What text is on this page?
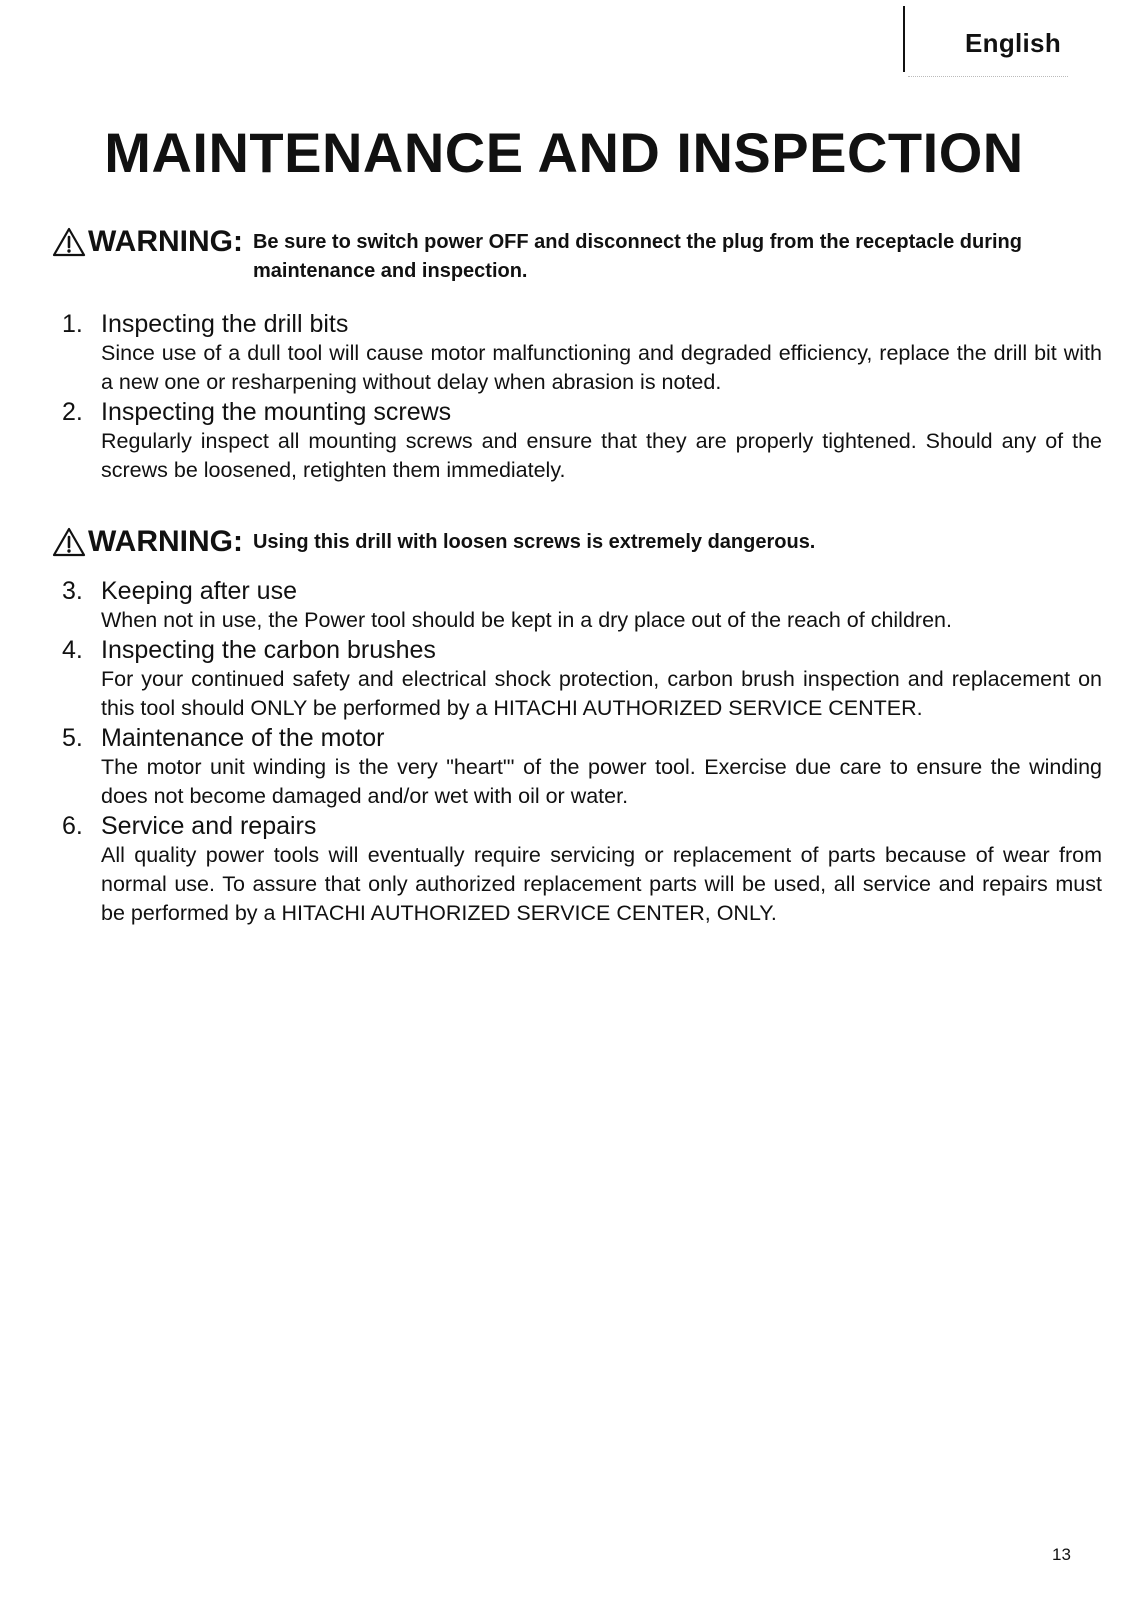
English
MAINTENANCE AND INSPECTION
WARNING: Be sure to switch power OFF and disconnect the plug from the receptacle during maintenance and inspection.
1. Inspecting the drill bits
Since use of a dull tool will cause motor malfunctioning and degraded efficiency, replace the drill bit with a new one or resharpening without delay when abrasion is noted.
2. Inspecting the mounting screws
Regularly inspect all mounting screws and ensure that they are properly tightened. Should any of the screws be loosened, retighten them immediately.
WARNING: Using this drill with loosen screws is extremely dangerous.
3. Keeping after use
When not in use, the Power tool should be kept in a dry place out of the reach of children.
4. Inspecting the carbon brushes
For your continued safety and electrical shock protection, carbon brush inspection and replacement on this tool should ONLY be performed by a HITACHI AUTHORIZED SERVICE CENTER.
5. Maintenance of the motor
The motor unit winding is the very "heart"' of the power tool. Exercise due care to ensure the winding does not become damaged and/or wet with oil or water.
6. Service and repairs
All quality power tools will eventually require servicing or replacement of parts because of wear from normal use. To assure that only authorized replacement parts will be used, all service and repairs must be performed by a HITACHI AUTHORIZED SERVICE CENTER, ONLY.
13
